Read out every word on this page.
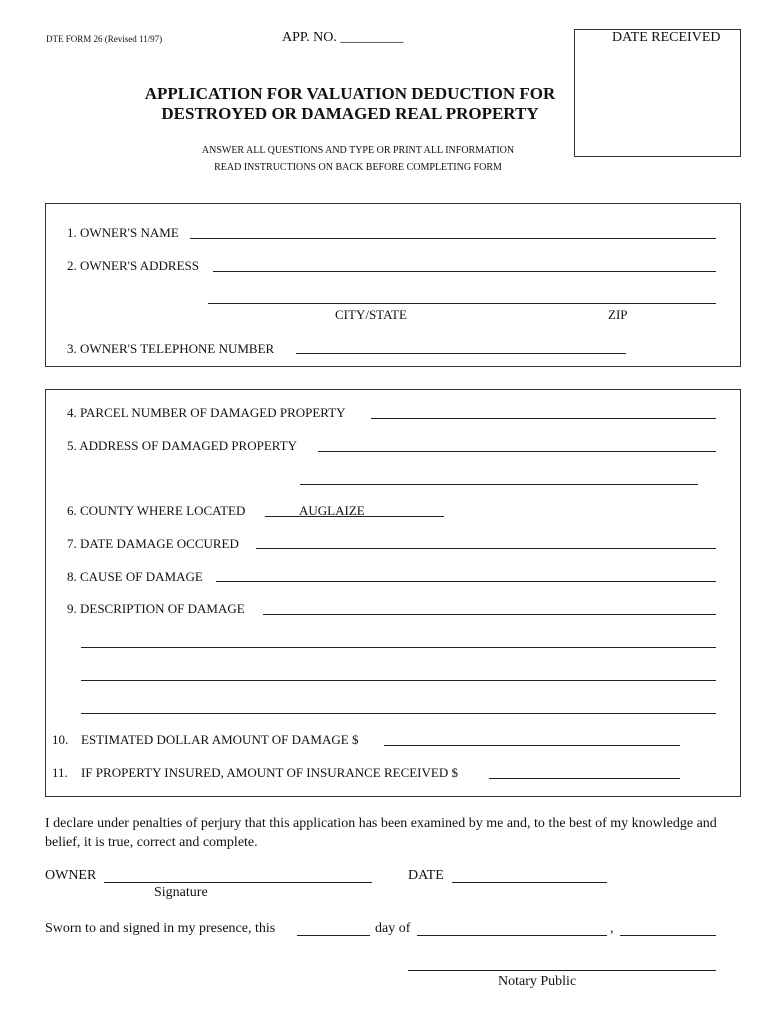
DTE FORM 26 (Revised 11/97)	APP. NO. _________	DATE RECEIVED
APPLICATION FOR VALUATION DEDUCTION FOR
DESTROYED OR DAMAGED REAL PROPERTY
ANSWER ALL QUESTIONS AND TYPE OR PRINT ALL INFORMATION
READ INSTRUCTIONS ON BACK BEFORE COMPLETING FORM
1. OWNER'S NAME
2. OWNER'S ADDRESS
CITY/STATE	ZIP
3. OWNER'S TELEPHONE NUMBER
4. PARCEL NUMBER OF DAMAGED PROPERTY
5. ADDRESS OF DAMAGED PROPERTY
6. COUNTY WHERE LOCATED	AUGLAIZE
7. DATE DAMAGE OCCURED
8. CAUSE OF DAMAGE
9. DESCRIPTION OF DAMAGE
10. ESTIMATED DOLLAR AMOUNT OF DAMAGE $
11. IF PROPERTY INSURED, AMOUNT OF INSURANCE RECEIVED $
I declare under penalties of perjury that this application has been examined by me and, to the best of my knowledge and belief, it is true, correct and complete.
OWNER
Signature
DATE
Sworn to and signed in my presence, this	day of	,
Notary Public
